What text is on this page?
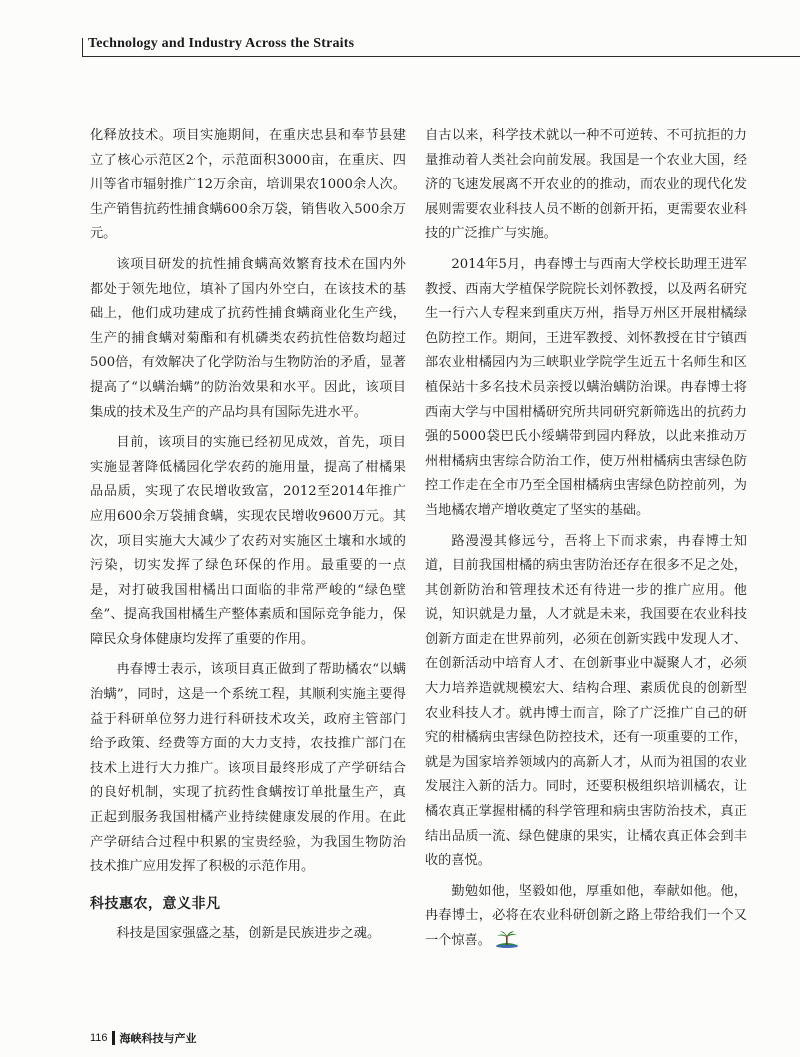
Technology and Industry Across the Straits

化释放技术。项目实施期间，在重庆忠县和奉节县建立了核心示范区2个，示范面积3000亩，在重庆、四川等省市辐射推广12万余亩，培训果农1000余人次。生产销售抗药性捕食螨600余万袋，销售收入500余万元。

该项目研发的抗性捕食螨高效繁育技术在国内外都处于领先地位，填补了国内外空白，在该技术的基础上，他们成功建成了抗药性捕食螨商业化生产线，生产的捕食螨对菊酯和有机磷类农药抗性倍数均超过500倍，有效解决了化学防治与生物防治的矛盾，显著提高了“以螨治螨”的防治效果和水平。因此，该项目集成的技术及生产的产品均具有国际先进水平。

目前，该项目的实施已经初见成效，首先，项目实施显著降低橘园化学农药的施用量，提高了柑橘果品品质，实现了农民增收致富，2012至2014年推广应用600余万袋捕食螨，实现农民增收9600万元。其次，项目实施大大减少了农药对实施区土壤和水域的污染，切实发挥了绿色环保的作用。最重要的一点是，对打破我国柑橘出口面临的非常严峻的“绿色壁垒”、提高我国柑橘生产整体素质和国际竞争能力，保障民众身体健康均发挥了重要的作用。

冉春博士表示，该项目真正做到了帮助橘农“以螨治螨”，同时，这是一个系统工程，其顺利实施主要得益于科研单位努力进行科研技术攻关，政府主管部门给予政策、经费等方面的大力支持，农技推广部门在技术上进行大力推广。该项目最终形成了产学研结合的良好机制，实现了抗药性食螨按订单批量生产，真正起到服务我国柑橘产业持续健康发展的作用。在此产学研结合过程中积累的宝贵经验，为我国生物防治技术推广应用发挥了积极的示范作用。

科技惠农，意义非凡

科技是国家强盛之基，创新是民族进步之魂。

自古以来，科学技术就以一种不可逆转、不可抗拒的力量推动着人类社会向前发展。我国是一个农业大国，经济的飞速发展离不开农业的的推动，而农业的现代化发展则需要农业科技人员不断的创新开拓，更需要农业科技的广泛推广与实施。

2014年5月，冉春博士与西南大学校长助理王进军教授、西南大学植保学院院长刘怀教授，以及两名研究生一行六人专程来到重庆万州，指导万州区开展柑橘绿色防控工作。期间，王进军教授、刘怀教授在甘宁镇西部农业柑橘园内为三峡职业学院学生近五十名师生和区植保站十多名技术员亲授以螨治螨防治课。冉春博士将西南大学与中国柑橘研究所共同研究新筛选出的抗药力强的5000袋巴氏小绥螨带到园内释放，以此来推动万州柑橘病虫害综合防治工作，使万州柑橘病虫害绿色防控工作走在全市乃至全国柑橘病虫害绿色防控前列，为当地橘农增产增收奠定了坚实的基础。

路漫漫其修远兮，吾将上下而求索，冉春博士知道，目前我国柑橘的病虫害防治还存在很多不足之处，其创新防治和管理技术还有待进一步的推广应用。他说，知识就是力量，人才就是未来，我国要在农业科技创新方面走在世界前列，必须在创新实践中发现人才、在创新活动中培育人才、在创新事业中凝聚人才，必须大力培养造就规模宏大、结构合理、素质优良的创新型农业科技人才。就冉博士而言，除了广泛推广自己的研究的柑橘病虫害绿色防控技术，还有一项重要的工作，就是为国家培养领域内的高新人才，从而为祖国的农业发展注入新的活力。同时，还要积极组织培训橘农，让橘农真正掌握柑橘的科学管理和病虫害防治技术，真正结出品质一流、绿色健康的果实，让橘农真正体会到丰收的喜悦。

勤勉如他，坚毅如他，厚重如他，奉献如他。他，冉春博士，必将在农业科研创新之路上带给我们一个又一个惊喜。

116 海峡科技与产业
